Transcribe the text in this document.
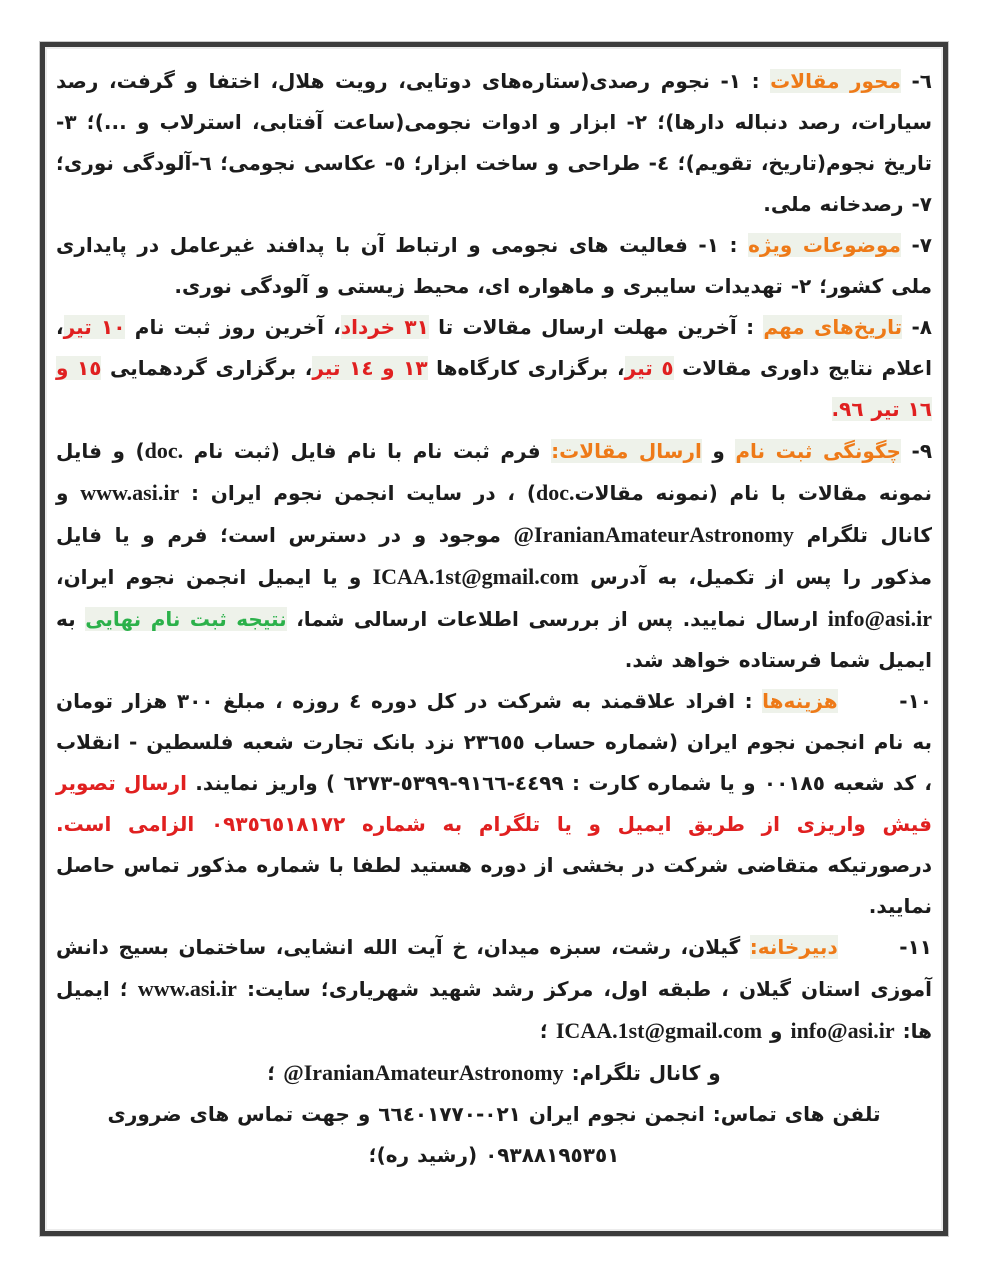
٦- محور مقالات : ١- نجوم رصدی(ستاره‌های دوتایی، رویت هلال، اختفا و گرفت، رصد سیارات، رصد دنباله دارها)؛ ٢- ابزار و ادوات نجومی(ساعت آفتابی، استرلاب و ...)؛ ٣- تاریخ نجوم(تاریخ، تقویم)؛ ٤- طراحی و ساخت ابزار؛ ٥- عکاسی نجومی؛ ٦-آلودگی نوری؛ ٧- رصدخانه ملی.

٧- موضوعات ویژه : ١- فعالیت های نجومی و ارتباط آن با پدافند غیرعامل در پایداری ملی کشور؛ ٢- تهدیدات سایبری و ماهواره ای، محیط زیستی و آلودگی نوری.

٨- تاریخ‌های مهم : آخرین مهلت ارسال مقالات تا ٣١ خرداد، آخرین روز ثبت نام ١٠ تیر، اعلام نتایج داوری مقالات ٥ تیر، برگزاری کارگاه‌ها ١٣ و ١٤ تیر، برگزاری گردهمایی ١٥ و ١٦ تیر ٩٦.

٩- چگونگی ثبت نام و ارسال مقالات: فرم ثبت نام با نام فایل (ثبت نام doc.) و فایل نمونه مقالات با نام (نمونه مقالاتdoc.) ، در سایت انجمن نجوم ایران : www.asi.ir و کانال تلگرام @IranianAmateurAstronomy موجود و در دسترس است؛ فرم و یا فایل مذکور را پس از تکمیل، به آدرس ICAA.1st@gmail.com و یا ایمیل انجمن نجوم ایران، info@asi.ir ارسال نمایید. پس از بررسی اطلاعات ارسالی شما، نتیجه ثبت نام نهایی به ایمیل شما فرستاده خواهد شد.

١٠- هزینه‌ها : افراد علاقمند به شرکت در کل دوره ٤ روزه ، مبلغ ٣٠٠ هزار تومان به نام انجمن نجوم ایران (شماره حساب ٢٣٦٥٥ نزد بانک تجارت شعبه فلسطین - انقلاب ، کد شعبه ٠٠١٨٥ و یا شماره کارت : ٤٤٩٩-٩١٦٦-٥٣٩٩-٦٢٧٣ ) واریز نمایند. ارسال تصویر فیش واریزی از طریق ایمیل و یا تلگرام به شماره ٠٩٣٥٦٥١٨١٧٢ الزامی است. درصورتیکه متقاضی شرکت در بخشی از دوره هستید لطفا با شماره مذکور تماس حاصل نمایید.

١١- دبیرخانه: گیلان، رشت، سبزه میدان، خ آیت الله انشایی، ساختمان بسیج دانش آموزی استان گیلان ، طبقه اول، مرکز رشد شهید شهریاری؛ سایت: www.asi.ir ؛ ایمیل ها: info@asi.ir و ICAA.1st@gmail.com ؛

و کانال تلگرام: @IranianAmateurAstronomy ؛

تلفن های تماس: انجمن نجوم ایران ٠٢١-٦٦٤٠١٧٧٠ و جهت تماس های ضروری ٠٩٣٨٨١٩٥٣٥١ (رشید ره)؛
